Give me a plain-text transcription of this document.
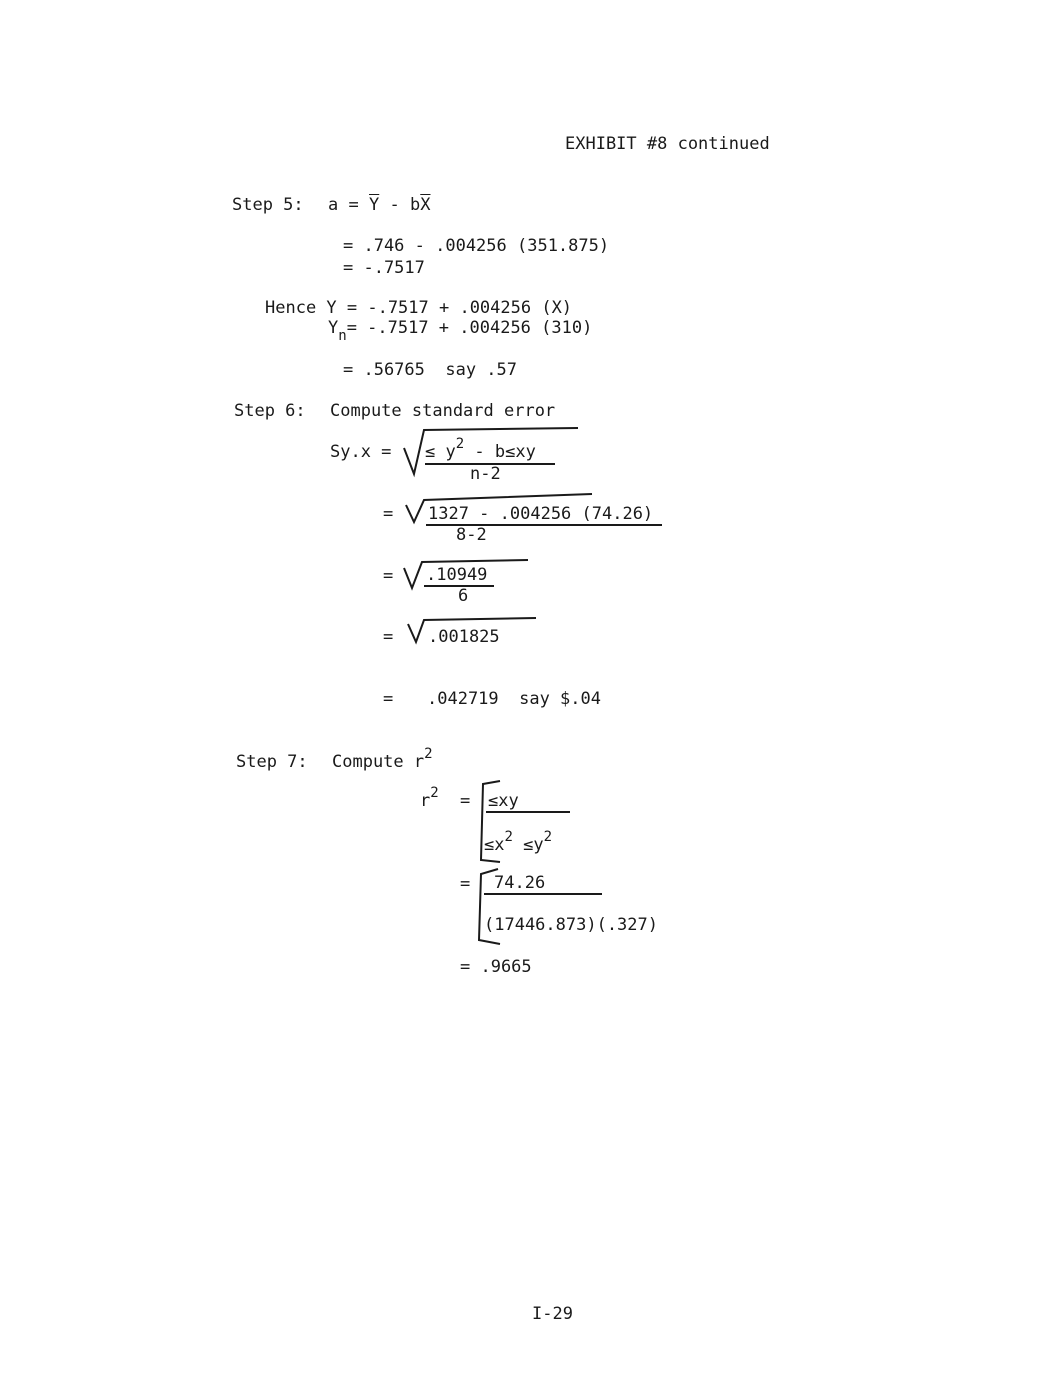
EXHIBIT #8 continued
Step 5: $a = \overline{Y} - b\overline{X}$
= .746 - .004256 (351.875)
= -.7517
Hence Y = -.7517 + .004256 (X)
$Y_n= -.7517 + .004256$ (310)
= .56765  say .57
Step 6: Compute standard error
Sy.x = ≤ $y^2 - b\le xy$
n-2
= 1327 - .004256 (74.26)
8-2
= .10949
6
= .001825
= .042719  say $.04
Step 7: Compute $r^2$
$r^2 = \le xy$
$\le x^2 \le y^2$
= 74.26
(17446.873)(.327)
= .9665
I-29
